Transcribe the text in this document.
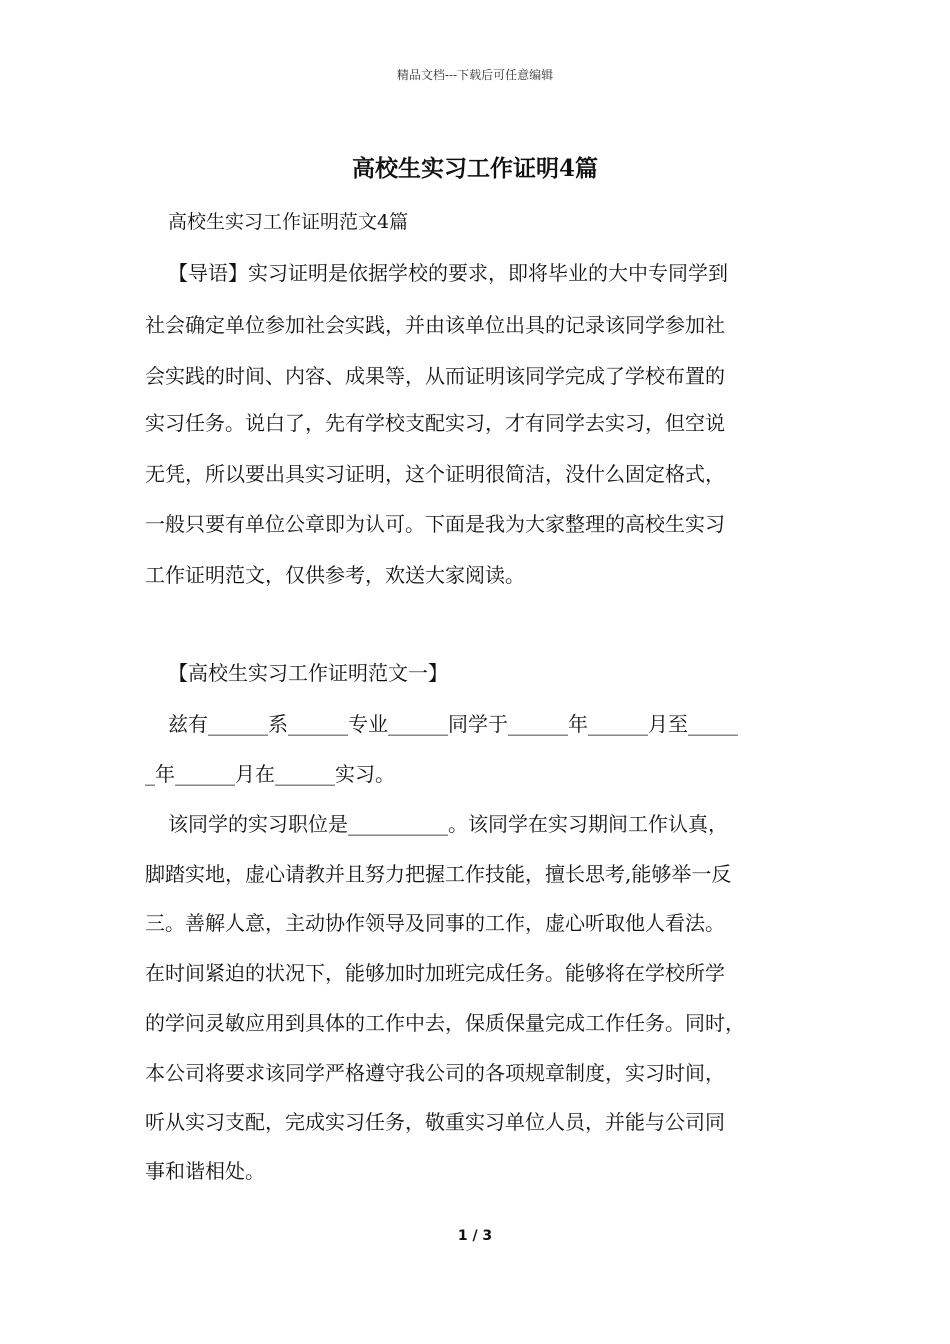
精品文档---下载后可任意编辑
高校生实习工作证明4篇
高校生实习工作证明范文4篇
【导语】实习证明是依据学校的要求，即将毕业的大中专同学到
社会确定单位参加社会实践，并由该单位出具的记录该同学参加社
会实践的时间、内容、成果等，从而证明该同学完成了学校布置的
实习任务。说白了，先有学校支配实习，才有同学去实习，但空说
无凭，所以要出具实习证明，这个证明很简洁，没什么固定格式，
一般只要有单位公章即为认可。下面是我为大家整理的高校生实习
工作证明范文，仅供参考，欢送大家阅读。
【高校生实习工作证明范文一】
兹有______系______专业______同学于______年______月至_____
_年______月在______实习。
该同学的实习职位是__________。该同学在实习期间工作认真，
脚踏实地，虚心请教并且努力把握工作技能，擅长思考,能够举一反
三。善解人意，主动协作领导及同事的工作，虚心听取他人看法。
在时间紧迫的状况下，能够加时加班完成任务。能够将在学校所学
的学问灵敏应用到具体的工作中去，保质保量完成工作任务。同时，
本公司将要求该同学严格遵守我公司的各项规章制度，实习时间，
听从实习支配，完成实习任务，敬重实习单位人员，并能与公司同
事和谐相处。
1 / 3
